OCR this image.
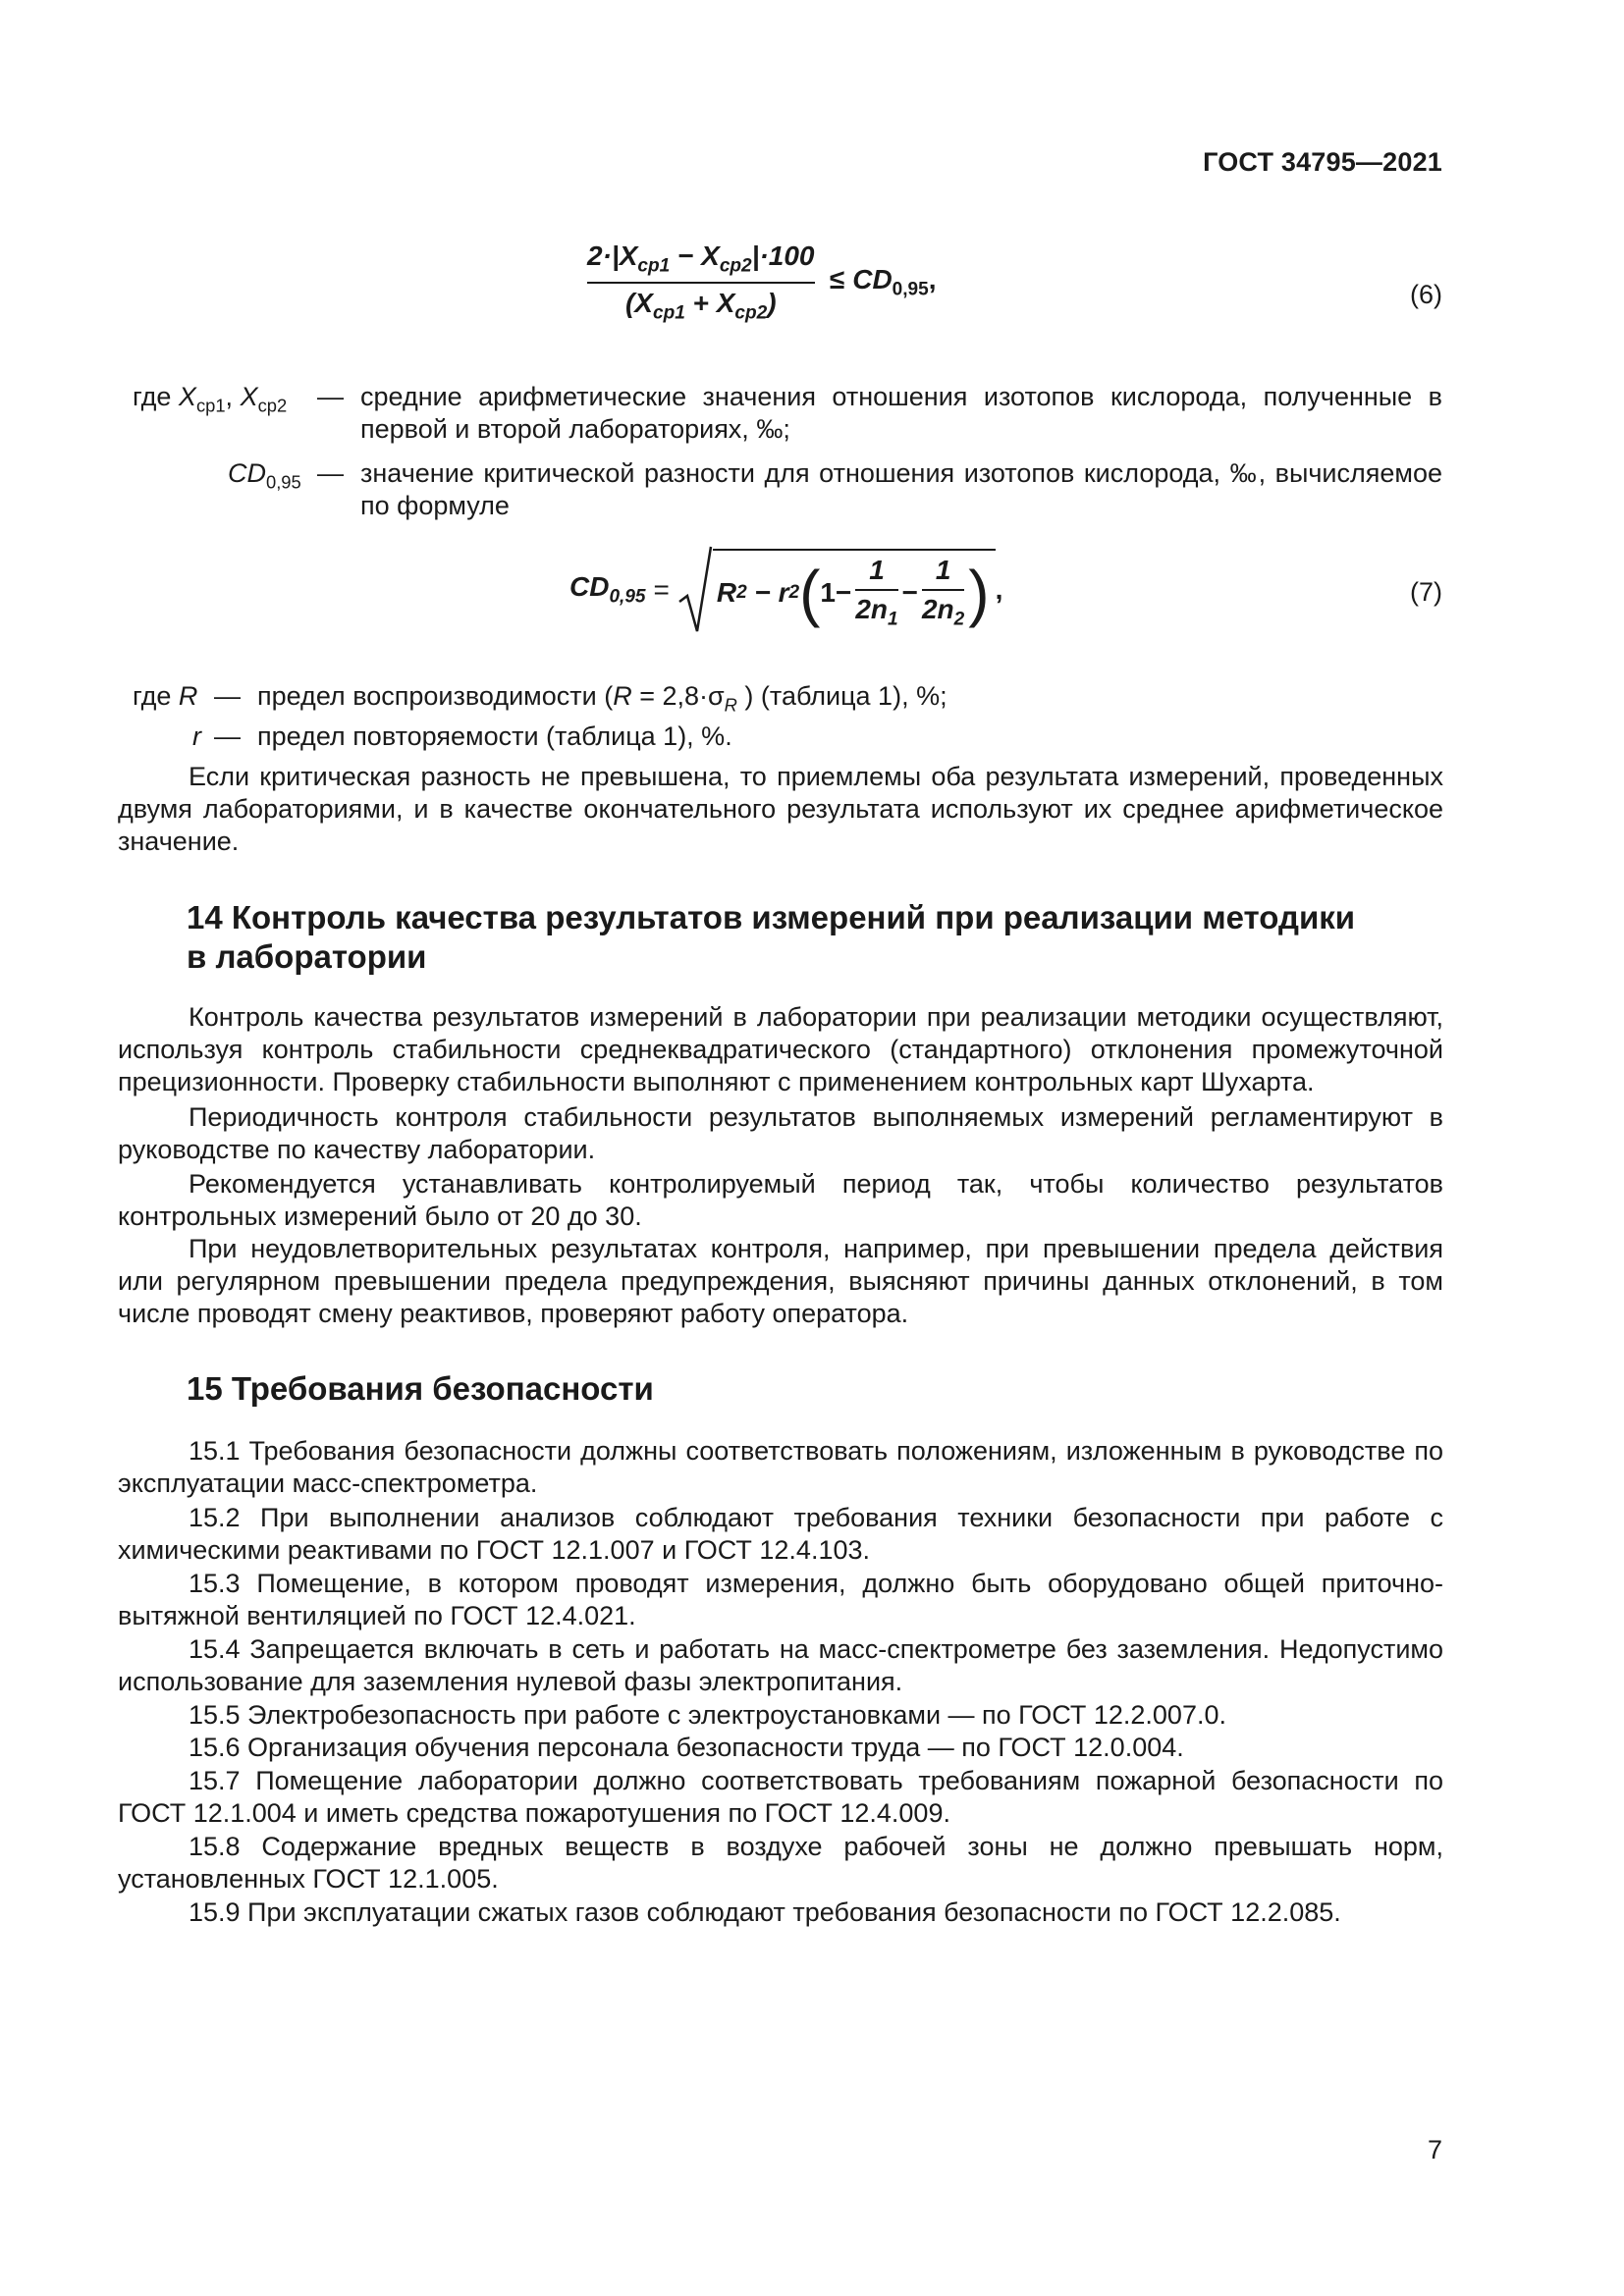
ГОСТ 34795—2021
$\frac{2\cdot|X_{ср1} - X_{ср2}|\cdot 100}{(X_{ср1} + X_{ср2})} \le CD_{0,95}$,
(6)
где $X_{ср1}$, $X_{ср2}$ — средние арифметические значения отношения изотопов кислорода, полученные в первой и второй лабораториях, ‰;
$CD_{0,95}$ — значение критической разности для отношения изотопов кислорода, ‰, вычисляемое по формуле
$CD_{0,95} = R$ 2 − r 2 ( 1−
1
$2n_1$
−
1
$2n_2$ ) ,	(7)
где R — предел воспроизводимости ($R = 2,8\cdot\sigma_R$ ) (таблица 1), %;
r — предел повторяемости (таблица 1), %.
Если критическая разность не превышена, то приемлемы оба результата измерений, проведенных двумя лабораториями, и в качестве окончательного результата используют их среднее арифметическое значение.
14 Контроль качества результатов измерений при реализации методики
в лаборатории
Контроль качества результатов измерений в лаборатории при реализации методики осуществляют, используя контроль стабильности среднеквадратического (стандартного) отклонения промежуточной прецизионности. Проверку стабильности выполняют с применением контрольных карт Шухарта.
Периодичность контроля стабильности результатов выполняемых измерений регламентируют в руководстве по качеству лаборатории.
Рекомендуется устанавливать контролируемый период так, чтобы количество результатов контрольных измерений было от 20 до 30.
При неудовлетворительных результатах контроля, например, при превышении предела действия или регулярном превышении предела предупреждения, выясняют причины данных отклонений, в том числе проводят смену реактивов, проверяют работу оператора.
15 Требования безопасности
15.1 Требования безопасности должны соответствовать положениям, изложенным в руководстве по эксплуатации масс-спектрометра.
15.2 При выполнении анализов соблюдают требования техники безопасности при работе с химическими реактивами по ГОСТ 12.1.007 и ГОСТ 12.4.103.
15.3 Помещение, в котором проводят измерения, должно быть оборудовано общей приточно-вытяжной вентиляцией по ГОСТ 12.4.021.
15.4 Запрещается включать в сеть и работать на масс-спектрометре без заземления. Недопустимо использование для заземления нулевой фазы электропитания.
15.5 Электробезопасность при работе с электроустановками — по ГОСТ 12.2.007.0.
15.6 Организация обучения персонала безопасности труда — по ГОСТ 12.0.004.
15.7 Помещение лаборатории должно соответствовать требованиям пожарной безопасности по ГОСТ 12.1.004 и иметь средства пожаротушения по ГОСТ 12.4.009.
15.8 Содержание вредных веществ в воздухе рабочей зоны не должно превышать норм, установленных ГОСТ 12.1.005.
15.9 При эксплуатации сжатых газов соблюдают требования безопасности по ГОСТ 12.2.085.
7
